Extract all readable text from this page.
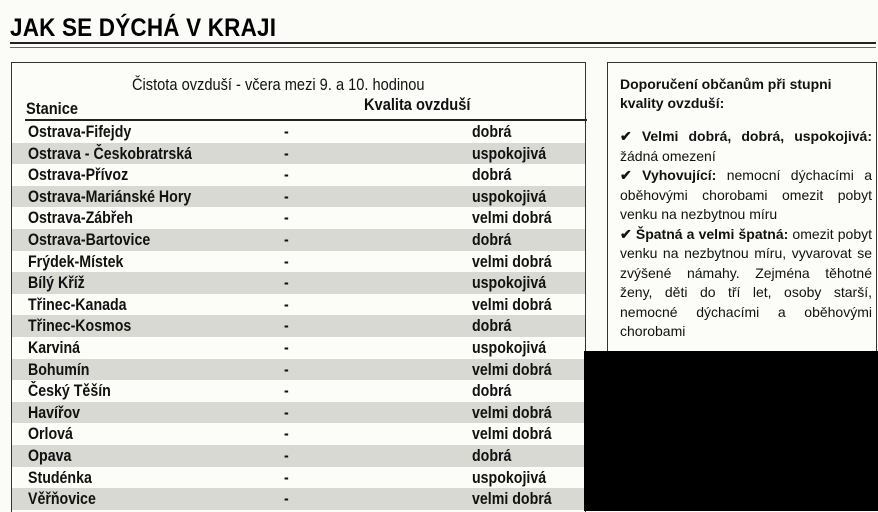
JAK SE DÝCHÁ V KRAJI
Čistota ovzduší - včera mezi 9. a 10. hodinou
Stanice	Kvalita ovzduší
Ostrava-Fifejdy	-	dobrá
Ostrava - Českobratrská	-	uspokojivá
Ostrava-Přívoz	-	dobrá
Ostrava-Mariánské Hory	-	uspokojivá
Ostrava-Zábřeh	-	velmi dobrá
Ostrava-Bartovice	-	dobrá
Frýdek-Místek	-	velmi dobrá
Bílý Kříž	-	uspokojivá
Třinec-Kanada	-	velmi dobrá
Třinec-Kosmos	-	dobrá
Karviná	-	uspokojivá
Bohumín	-	velmi dobrá
Český Těšín	-	dobrá
Havířov	-	velmi dobrá
Orlová	-	velmi dobrá
Opava	-	dobrá
Studénka	-	uspokojivá
Věřňovice	-	velmi dobrá
Doporučení občanům při stupni kvality ovzduší:

✔ Velmi dobrá, dobrá, uspokojivá: žádná omezení

✔ Vyhovující: nemocní dýchacími a oběhovými chorobami omezit pobyt venku na nezbytnou míru

✔ Špatná a velmi špatná: omezit pobyt venku na nezbytnou míru, vyvarovat se zvýšené námahy. Zejména těhotné ženy, děti do tří let, osoby starší, nemocné dýchacími a oběhovými chorobami
